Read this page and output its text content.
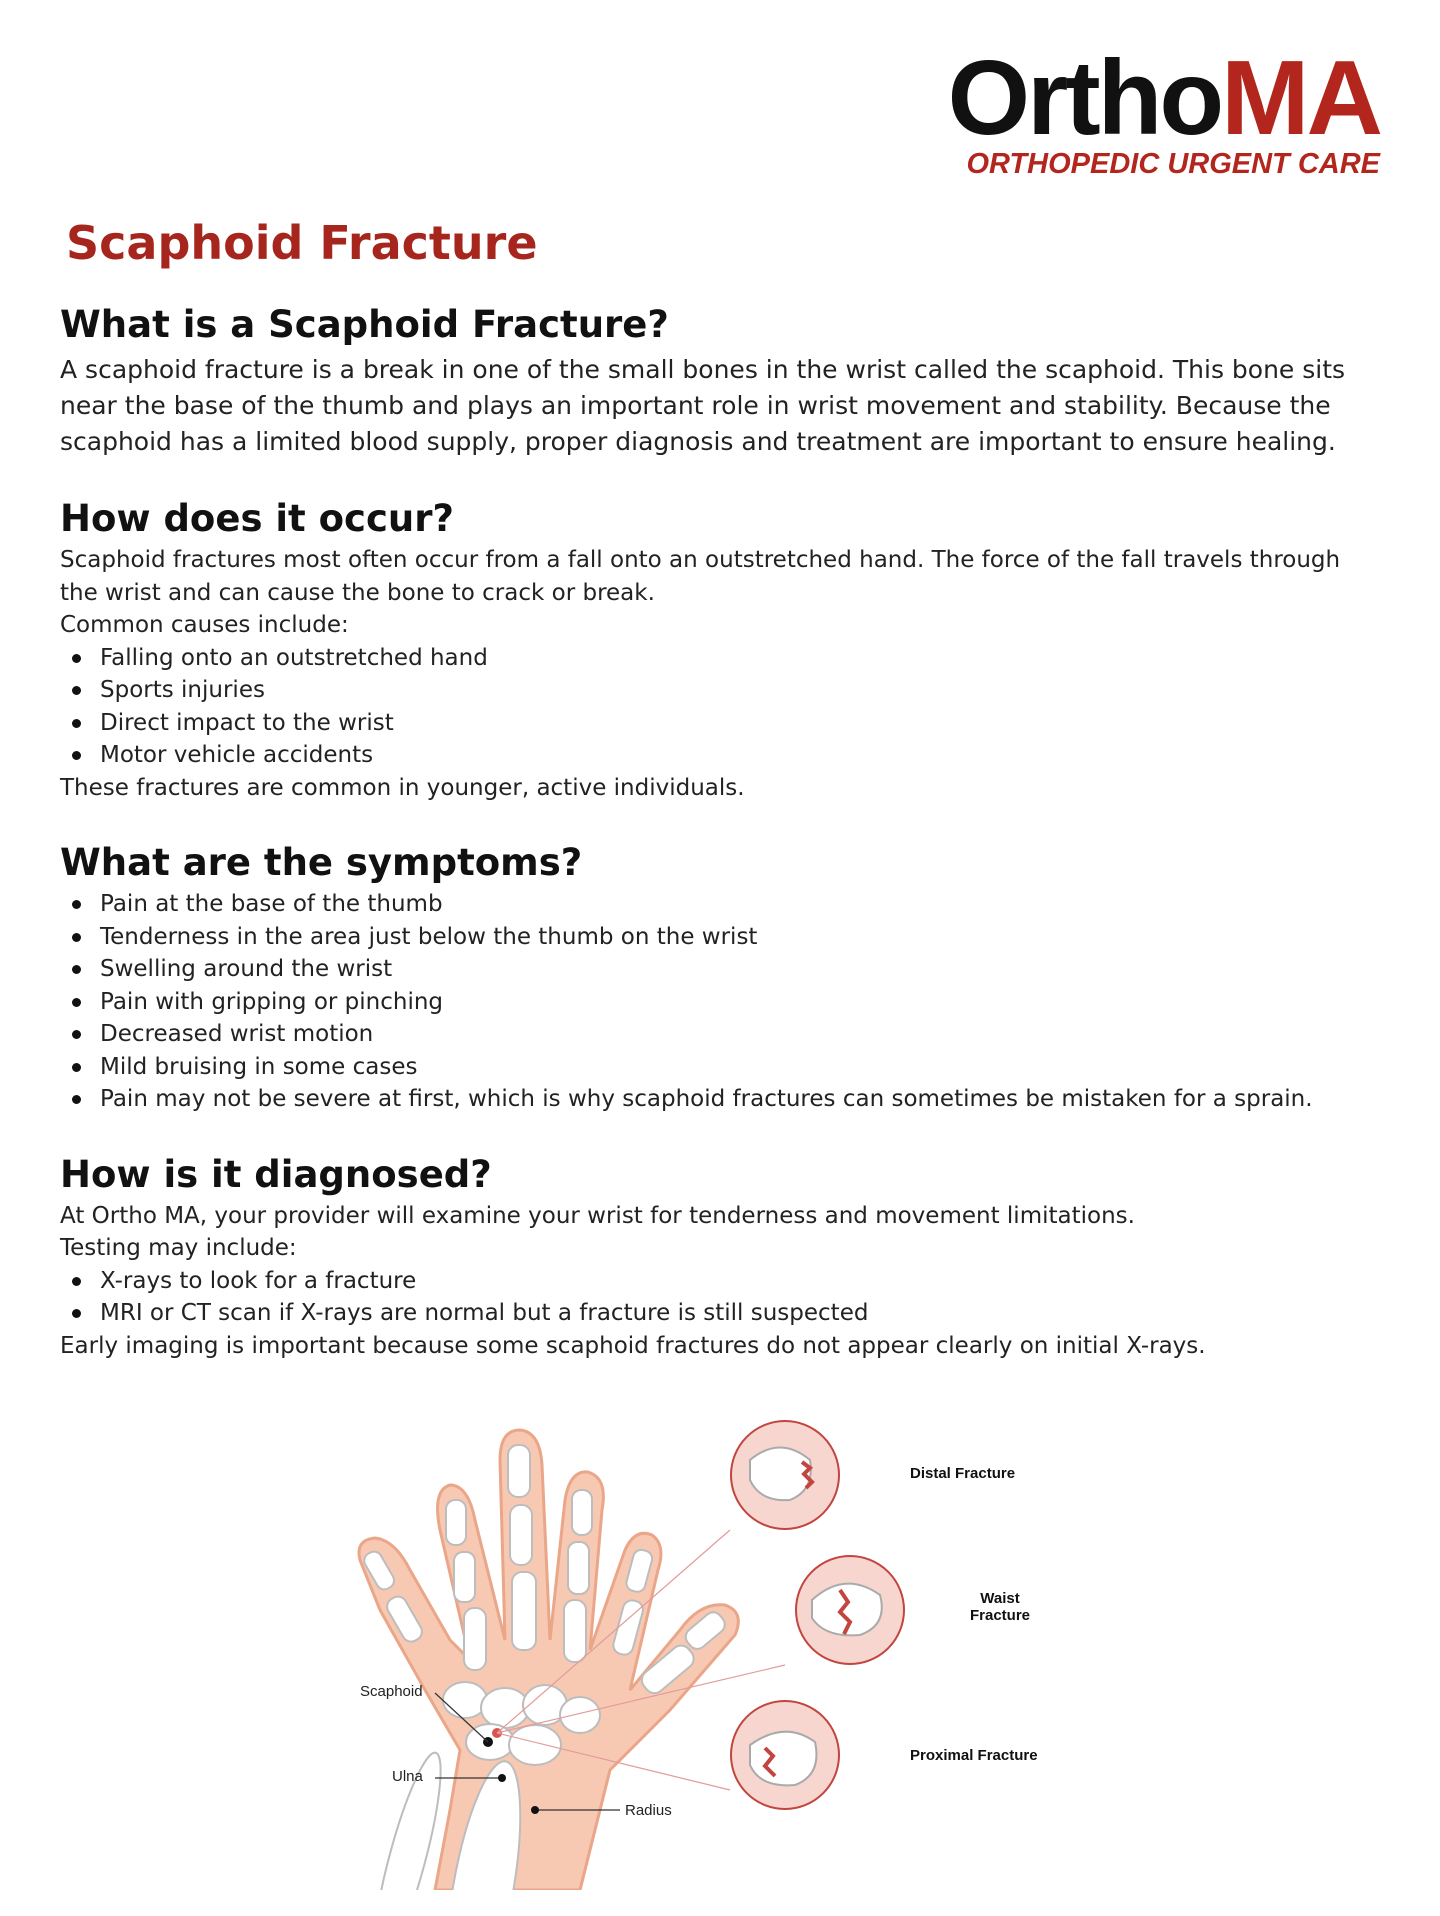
OrthoMA
ORTHOPEDIC URGENT CARE
Scaphoid Fracture
What is a Scaphoid Fracture?

A scaphoid fracture is a break in one of the small bones in the wrist called the scaphoid. This bone sits

near the base of the thumb and plays an important role in wrist movement and stability. Because the

scaphoid has a limited blood supply, proper diagnosis and treatment are important to ensure healing.

How does it occur?

Scaphoid fractures most often occur from a fall onto an outstretched hand. The force of the fall travels through

the wrist and can cause the bone to crack or break.

Common causes include:

Falling onto an outstretched hand
Sports injuries
Direct impact to the wrist
Motor vehicle accidents

These fractures are common in younger, active individuals.

What are the symptoms?
Pain at the base of the thumb
Tenderness in the area just below the thumb on the wrist
Swelling around the wrist
Pain with gripping or pinching
Decreased wrist motion
Mild bruising in some cases
Pain may not be severe at first, which is why scaphoid fractures can sometimes be mistaken for a sprain.
How is it diagnosed?

At Ortho MA, your provider will examine your wrist for tenderness and movement limitations.

Testing may include:

X-rays to look for a fracture
MRI or CT scan if X-rays are normal but a fracture is still suspected

Early imaging is important because some scaphoid fractures do not appear clearly on initial X-rays.

Scaphoid
Ulna
Radius
Distal Fracture
Waist
Fracture
Proximal Fracture
